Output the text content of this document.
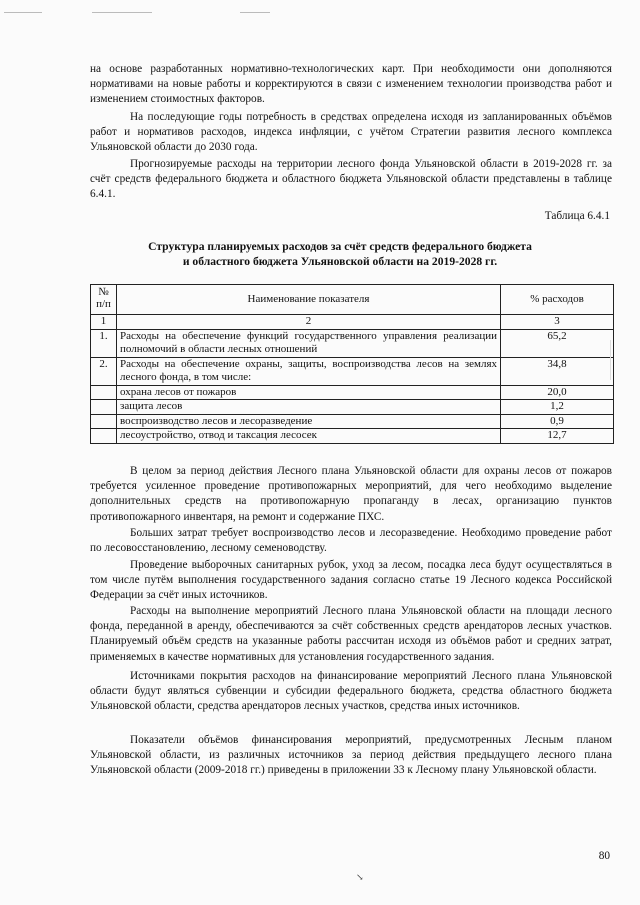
на основе разработанных нормативно-технологических карт. При необходимости они дополняются нормативами на новые работы и корректируются в связи с изменением технологии производства работ и изменением стоимостных факторов.

На последующие годы потребность в средствах определена исходя из запланированных объёмов работ и нормативов расходов, индекса инфляции, с учётом Стратегии развития лесного комплекса Ульяновской области до 2030 года.

Прогнозируемые расходы на территории лесного фонда Ульяновской области в 2019-2028 гг. за счёт средств федерального бюджета и областного бюджета Ульяновской области представлены в таблице 6.4.1.

Таблица 6.4.1
Структура планируемых расходов за счёт средств федерального бюджета
и областного бюджета Ульяновской области на 2019-2028 гг.
№ п/п	Наименование показателя	% расходов
1	2	3
1.	Расходы на обеспечение функций государственного управления реализации полномочий в области лесных отношений	65,2
2.	Расходы на обеспечение охраны, защиты, воспроизводства лесов на землях лесного фонда, в том числе:	34,8
	охрана лесов от пожаров	20,0
	защита лесов	1,2
	воспроизводство лесов и лесоразведение	0,9
	лесоустройство, отвод и таксация лесосек	12,7

В целом за период действия Лесного плана Ульяновской области для охраны лесов от пожаров требуется усиленное проведение противопожарных мероприятий, для чего необходимо выделение дополнительных средств на противопожарную пропаганду в лесах, организацию пунктов противопожарного инвентаря, на ремонт и содержание ПХС.

Больших затрат требует воспроизводство лесов и лесоразведение. Необходимо проведение работ по лесовосстановлению, лесному семеноводству.

Проведение выборочных санитарных рубок, уход за лесом, посадка леса будут осуществляться в том числе путём выполнения государственного задания согласно статье 19 Лесного кодекса Российской Федерации за счёт иных источников.

Расходы на выполнение мероприятий Лесного плана Ульяновской области на площади лесного фонда, переданной в аренду, обеспечиваются за счёт собственных средств арендаторов лесных участков. Планируемый объём средств на указанные работы рассчитан исходя из объёмов работ и средних затрат, применяемых в качестве нормативных для установления государственного задания.

Источниками покрытия расходов на финансирование мероприятий Лесного плана Ульяновской области будут являться субвенции и субсидии федерального бюджета, средства областного бюджета Ульяновской области, средства арендаторов лесных участков, средства иных источников.

Показатели объёмов финансирования мероприятий, предусмотренных Лесным планом Ульяновской области, из различных источников за период действия предыдущего лесного плана Ульяновской области (2009-2018 гг.) приведены в приложении 33 к Лесному плану Ульяновской области.

80
↘
